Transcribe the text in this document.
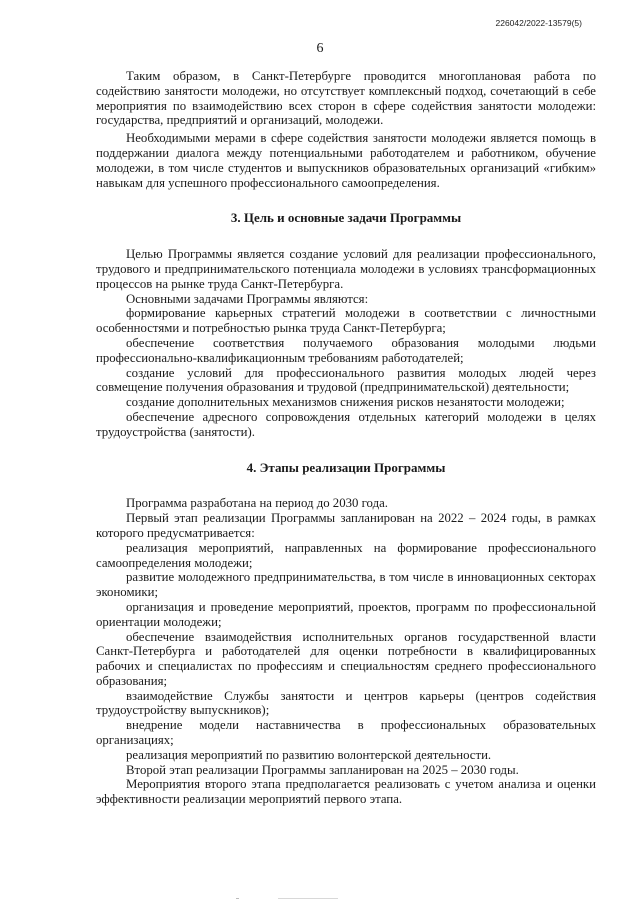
226042/2022-13579(5)
6

Таким образом, в Санкт-Петербурге проводится многоплановая работа по содействию занятости молодежи, но отсутствует комплексный подход, сочетающий в себе мероприятия по взаимодействию всех сторон в сфере содействия занятости молодежи: государства, предприятий и организаций, молодежи.

Необходимыми мерами в сфере содействия занятости молодежи является помощь в поддержании диалога между потенциальными работодателем и работником, обучение молодежи, в том числе студентов и выпускников образовательных организаций «гибким» навыкам для успешного профессионального самоопределения.

3. Цель и основные задачи Программы

Целью Программы является создание условий для реализации профессионального, трудового и предпринимательского потенциала молодежи в условиях трансформационных процессов на рынке труда Санкт-Петербурга.

Основными задачами Программы являются:

формирование карьерных стратегий молодежи в соответствии с личностными особенностями и потребностью рынка труда Санкт-Петербурга;

обеспечение соответствия получаемого образования молодыми людьми профессионально-квалификационным требованиям работодателей;

создание условий для профессионального развития молодых людей через совмещение получения образования и трудовой (предпринимательской) деятельности;

создание дополнительных механизмов снижения рисков незанятости молодежи;

обеспечение адресного сопровождения отдельных категорий молодежи в целях трудоустройства (занятости).

4. Этапы реализации Программы

Программа разработана на период до 2030 года.

Первый этап реализации Программы запланирован на 2022 – 2024 годы, в рамках которого предусматривается:

реализация мероприятий, направленных на формирование профессионального самоопределения молодежи;

развитие молодежного предпринимательства, в том числе в инновационных секторах экономики;

организация и проведение мероприятий, проектов, программ по профессиональной ориентации молодежи;

обеспечение взаимодействия исполнительных органов государственной власти Санкт-Петербурга и работодателей для оценки потребности в квалифицированных рабочих и специалистах по профессиям и специальностям среднего профессионального образования;

взаимодействие Службы занятости и центров карьеры (центров содействия трудоустройству выпускников);

внедрение модели наставничества в профессиональных образовательных организациях;

реализация мероприятий по развитию волонтерской деятельности.

Второй этап реализации Программы запланирован на 2025 – 2030 годы.

Мероприятия второго этапа предполагается реализовать с учетом анализа и оценки эффективности реализации мероприятий первого этапа.
